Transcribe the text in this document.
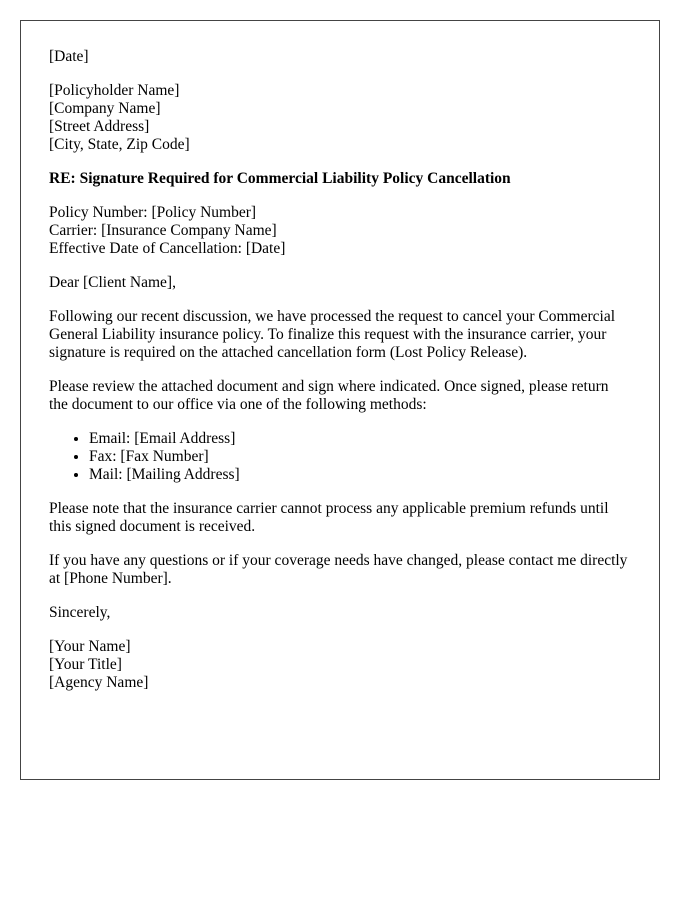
[Date]
[Policyholder Name]
[Company Name]
[Street Address]
[City, State, Zip Code]
RE: Signature Required for Commercial Liability Policy Cancellation
Policy Number: [Policy Number]
Carrier: [Insurance Company Name]
Effective Date of Cancellation: [Date]
Dear [Client Name],

Following our recent discussion, we have processed the request to cancel your Commercial General Liability insurance policy. To finalize this request with the insurance carrier, your signature is required on the attached cancellation form (Lost Policy Release).

Please review the attached document and sign where indicated. Once signed, please return the document to our office via one of the following methods:

• Email: [Email Address]
• Fax: [Fax Number]
• Mail: [Mailing Address]

Please note that the insurance carrier cannot process any applicable premium refunds until this signed document is received.

If you have any questions or if your coverage needs have changed, please contact me directly at [Phone Number].

Sincerely,
[Your Name]
[Your Title]
[Agency Name]
